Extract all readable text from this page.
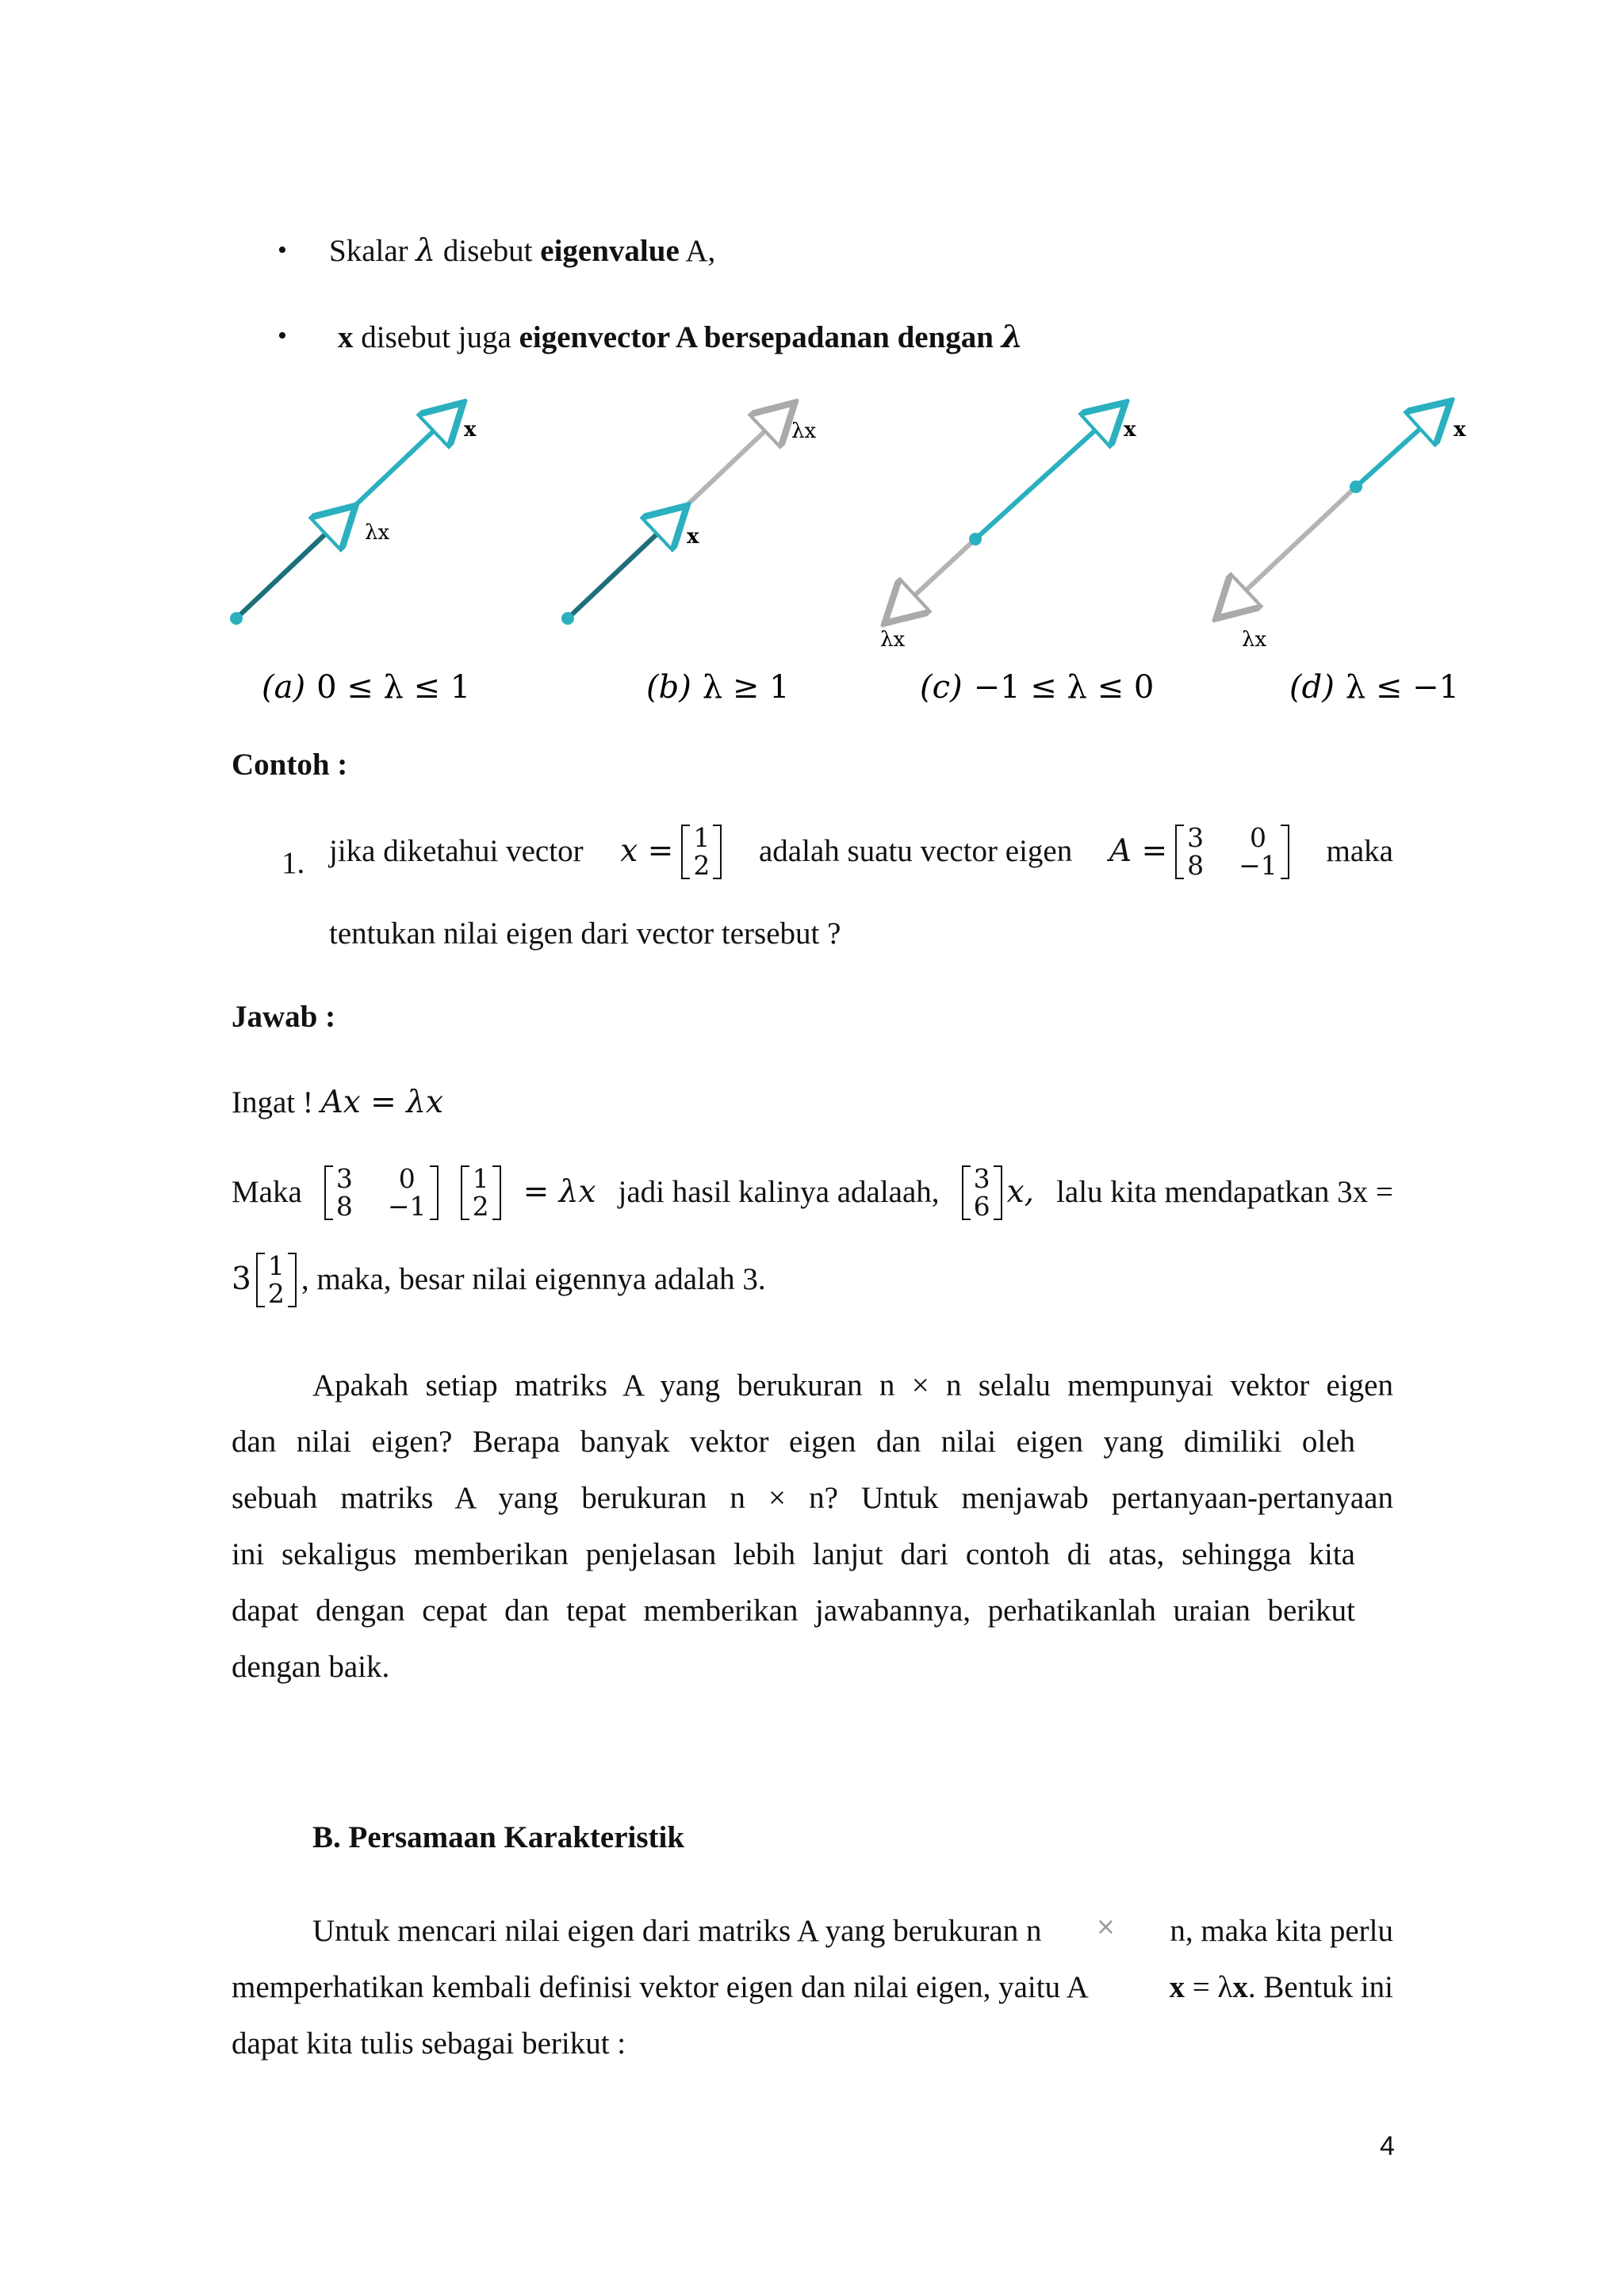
• Skalar λ disebut eigenvalue A,
• x disebut juga eigenvector A bersepadanan dengan λ
x
λx
(a) 0 ≤ λ ≤ 1
λx
x
(b) λ ≥ 1
x
λx
(c) −1 ≤ λ ≤ 0
x
λx
(d) λ ≤ −1
Contoh :
1. jika diketahui vector x = 1
2 adalah suatu vector eigen A = 3	0
8 −1 maka
tentukan nilai eigen dari vector tersebut ?
Jawab :
Ingat ! Ax = λx
Maka 3	0
8 −1
1
2 = λx jadi hasil kalinya adalaah, 3
6 x, lalu kita mendapatkan 3x =
3 1
2 , maka, besar nilai eigennya adalah 3.
Apakah setiap matriks A yang berukuran n × n selalu mempunyai vektor eigen
dan nilai eigen? Berapa banyak vektor eigen dan nilai eigen yang dimiliki oleh
sebuah matriks A yang berukuran n × n? Untuk menjawab pertanyaan-pertanyaan
ini sekaligus memberikan penjelasan lebih lanjut dari contoh di atas, sehingga kita
dapat dengan cepat dan tepat memberikan jawabannya, perhatikanlah uraian berikut
dengan baik.
B. Persamaan Karakteristik
Untuk mencari nilai eigen dari matriks A yang berukuran n × n, maka kita perlu
memperhatikan kembali definisi vektor eigen dan nilai eigen, yaitu A	x = λx. Bentuk ini
dapat kita tulis sebagai berikut :
4
